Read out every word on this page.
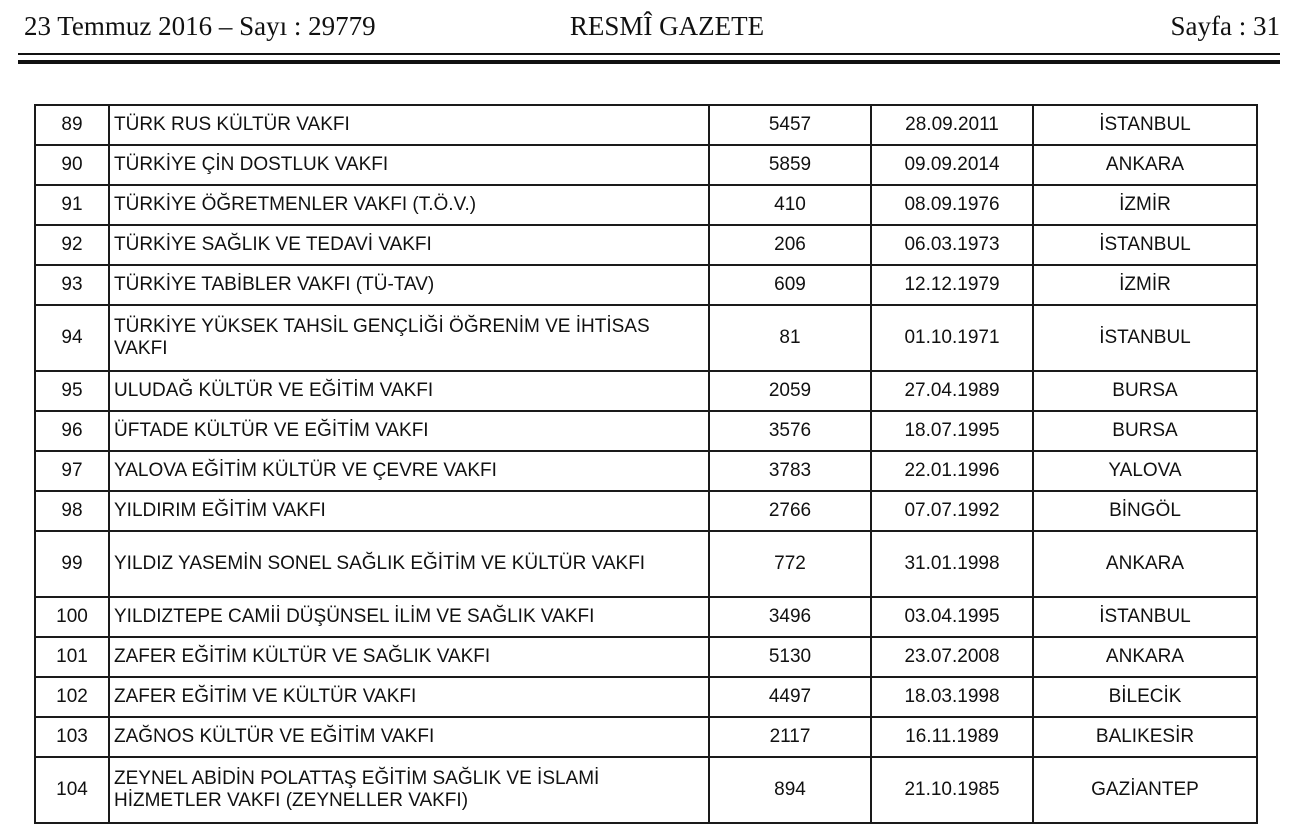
23 Temmuz 2016 – Sayı : 29779	RESMÎ GAZETE	Sayfa : 31
89	TÜRK RUS KÜLTÜR VAKFI	5457	28.09.2011	İSTANBUL
90	TÜRKİYE ÇİN DOSTLUK VAKFI	5859	09.09.2014	ANKARA
91	TÜRKİYE ÖĞRETMENLER VAKFI (T.Ö.V.)	410	08.09.1976	İZMİR
92	TÜRKİYE SAĞLIK VE TEDAVİ VAKFI	206	06.03.1973	İSTANBUL
93	TÜRKİYE TABİBLER VAKFI (TÜ-TAV)	609	12.12.1979	İZMİR
94	TÜRKİYE YÜKSEK TAHSİL GENÇLİĞİ ÖĞRENİM VE İHTİSAS VAKFI	81	01.10.1971	İSTANBUL
95	ULUDAĞ KÜLTÜR VE EĞİTİM VAKFI	2059	27.04.1989	BURSA
96	ÜFTADE KÜLTÜR VE EĞİTİM VAKFI	3576	18.07.1995	BURSA
97	YALOVA EĞİTİM KÜLTÜR VE ÇEVRE VAKFI	3783	22.01.1996	YALOVA
98	YILDIRIM EĞİTİM VAKFI	2766	07.07.1992	BİNGÖL
99	YILDIZ YASEMİN SONEL SAĞLIK EĞİTİM VE KÜLTÜR VAKFI	772	31.01.1998	ANKARA
100	YILDIZTEPE CAMİİ DÜŞÜNSEL İLİM VE SAĞLIK VAKFI	3496	03.04.1995	İSTANBUL
101	ZAFER EĞİTİM KÜLTÜR VE SAĞLIK VAKFI	5130	23.07.2008	ANKARA
102	ZAFER EĞİTİM VE KÜLTÜR VAKFI	4497	18.03.1998	BİLECİK
103	ZAĞNOS KÜLTÜR VE EĞİTİM VAKFI	2117	16.11.1989	BALIKESİR
104	ZEYNEL ABİDİN POLATTAŞ EĞİTİM SAĞLIK VE İSLAMİ HİZMETLER VAKFI (ZEYNELLER VAKFI)	894	21.10.1985	GAZİANTEP
